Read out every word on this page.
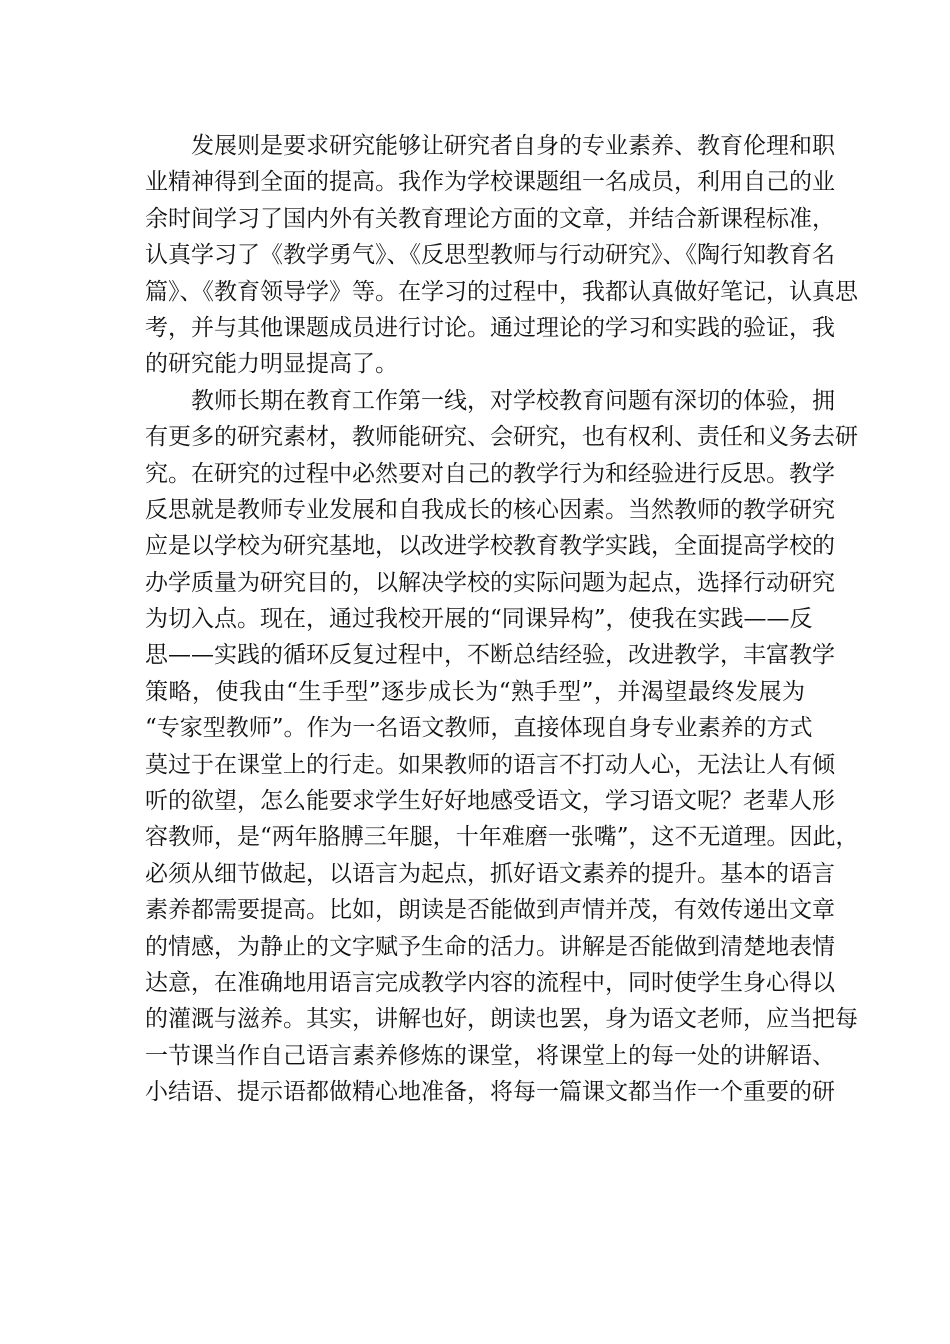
发展则是要求研究能够让研究者自身的专业素养、教育伦理和职
业精神得到全面的提高。我作为学校课题组一名成员，利用自己的业
余时间学习了国内外有关教育理论方面的文章，并结合新课程标准，
认真学习了《教学勇气》、《反思型教师与行动研究》、《陶行知教育名
篇》、《教育领导学》等。在学习的过程中，我都认真做好笔记，认真思
考，并与其他课题成员进行讨论。通过理论的学习和实践的验证，我
的研究能力明显提高了。
教师长期在教育工作第一线，对学校教育问题有深切的体验，拥
有更多的研究素材，教师能研究、会研究，也有权利、责任和义务去研
究。在研究的过程中必然要对自己的教学行为和经验进行反思。教学
反思就是教师专业发展和自我成长的核心因素。当然教师的教学研究
应是以学校为研究基地，以改进学校教育教学实践，全面提高学校的
办学质量为研究目的，以解决学校的实际问题为起点，选择行动研究
为切入点。现在，通过我校开展的“同课异构”，使我在实践——反
思——实践的循环反复过程中，不断总结经验，改进教学，丰富教学
策略，使我由“生手型”逐步成长为“熟手型”，并渴望最终发展为
“专家型教师”。作为一名语文教师，直接体现自身专业素养的方式
莫过于在课堂上的行走。如果教师的语言不打动人心，无法让人有倾
听的欲望，怎么能要求学生好好地感受语文，学习语文呢？老辈人形
容教师，是“两年胳膊三年腿，十年难磨一张嘴”，这不无道理。因此，
必须从细节做起，以语言为起点，抓好语文素养的提升。基本的语言
素养都需要提高。比如，朗读是否能做到声情并茂，有效传递出文章
的情感，为静止的文字赋予生命的活力。讲解是否能做到清楚地表情
达意，在准确地用语言完成教学内容的流程中，同时使学生身心得以
的灌溉与滋养。其实，讲解也好，朗读也罢，身为语文老师，应当把每
一节课当作自己语言素养修炼的课堂，将课堂上的每一处的讲解语、
小结语、提示语都做精心地准备，将每一篇课文都当作一个重要的研
